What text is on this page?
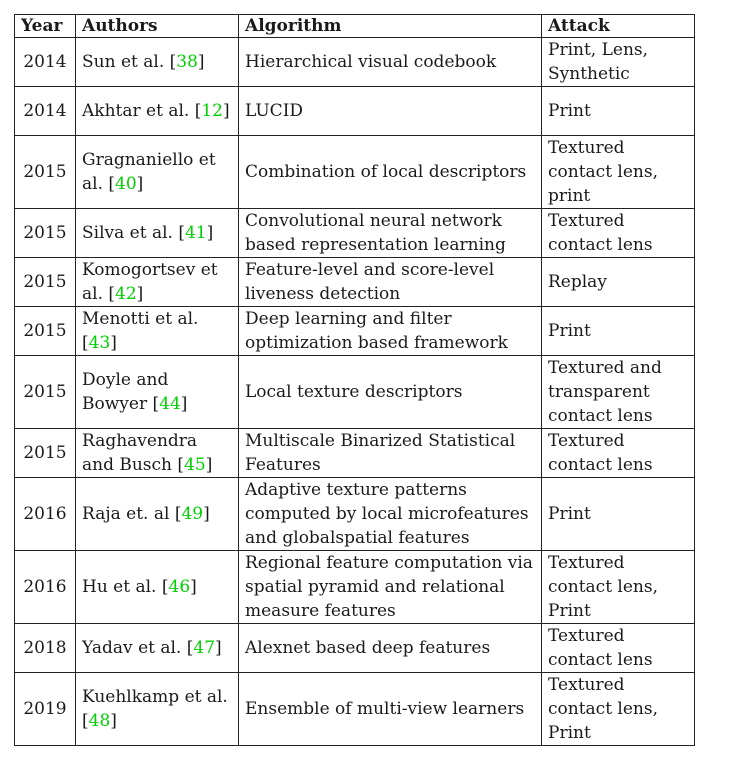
Year	Authors	Algorithm	Attack
2014	Sun et al. [38]	Hierarchical visual codebook	Print, Lens, Synthetic
2014	Akhtar et al. [12]	LUCID	Print
2015	Gragnaniello et al. [40]	Combination of local descriptors	Textured contact lens, print
2015	Silva et al. [41]	Convolutional neural network based representation learning	Textured contact lens
2015	Komogortsev et al. [42]	Feature-level and score-level liveness detection	Replay
2015	Menotti et al. [43]	Deep learning and filter optimization based framework	Print
2015	Doyle and Bowyer [44]	Local texture descriptors	Textured and transparent contact lens
2015	Raghavendra and Busch [45]	Multiscale Binarized Statistical Features	Textured contact lens
2016	Raja et. al [49]	Adaptive texture patterns computed by local microfeatures and globalspatial features	Print
2016	Hu et al. [46]	Regional feature computation via spatial pyramid and relational measure features	Textured contact lens, Print
2018	Yadav et al. [47]	Alexnet based deep features	Textured contact lens
2019	Kuehlkamp et al. [48]	Ensemble of multi-view learners	Textured contact lens, Print
